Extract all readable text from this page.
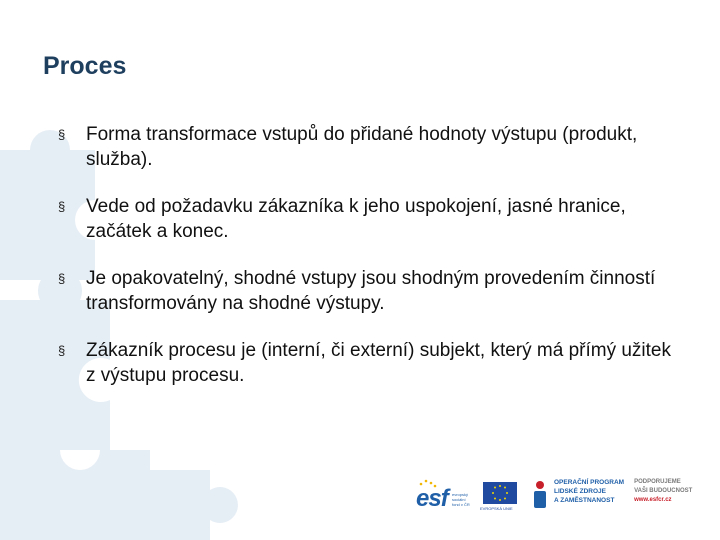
Proces
§ Forma transformace vstupů do přidané hodnoty výstupu (produkt, služba).
§ Vede od požadavku zákazníka k jeho uspokojení, jasné hranice, začátek a konec.
§ Je opakovatelný, shodné vstupy jsou shodným provedením činností transformovány na shodné výstupy.
§ Zákazník procesu je (interní, či externí) subjekt, který má přímý užitek z výstupu procesu.
esf evropský
sociální
fond v ČR
EVROPSKÁ UNIE
OPERAČNÍ PROGRAM
LIDSKÉ ZDROJE
A ZAMĚSTNANOST
PODPORUJEME
VAŠI BUDOUCNOST
www.esfcr.cz
